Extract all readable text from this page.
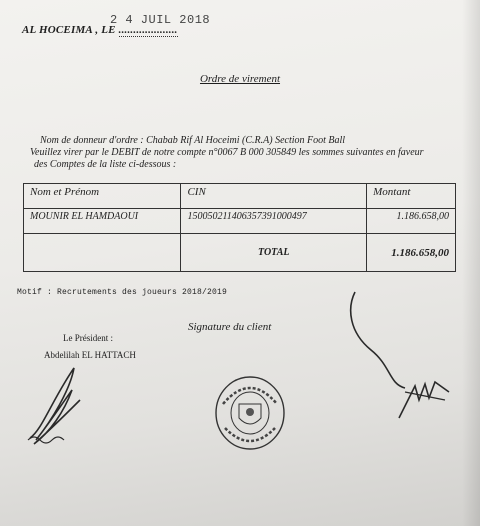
2 4 JUIL 2018
AL HOCEIMA , LE ....................
Ordre de virement
Nom de donneur d'ordre : Chabab Rif Al Hoceimi (C.R.A) Section Foot Ball
Veuillez virer par le DEBIT de notre compte n°0067 B 000 305849 les sommes suivantes en faveur
des Comptes de la liste ci-dessous :
Nom et Prénom	CIN	Montant
MOUNIR EL HAMDAOUI	15005021140635739100049​7	1.186.658,00
	TOTAL	1.186.658,00
Motif : Recrutements des joueurs 2018/2019
Signature du client
Le Président :
Abdelilah EL HATTACH
